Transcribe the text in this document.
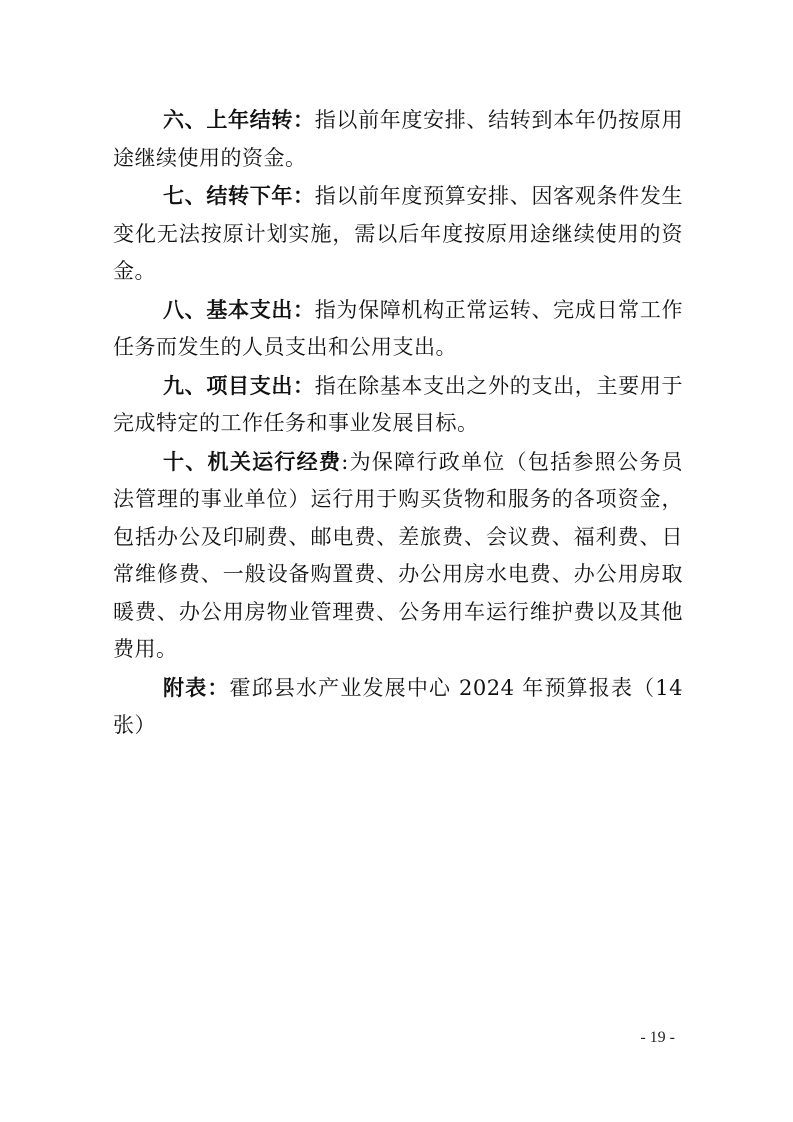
六、上年结转：指以前年度安排、结转到本年仍按原用途继续使用的资金。

七、结转下年：指以前年度预算安排、因客观条件发生变化无法按原计划实施，需以后年度按原用途继续使用的资金。

八、基本支出：指为保障机构正常运转、完成日常工作任务而发生的人员支出和公用支出。

九、项目支出：指在除基本支出之外的支出，主要用于完成特定的工作任务和事业发展目标。

十、机关运行经费:为保障行政单位（包括参照公务员法管理的事业单位）运行用于购买货物和服务的各项资金，包括办公及印刷费、邮电费、差旅费、会议费、福利费、日常维修费、一般设备购置费、办公用房水电费、办公用房取暖费、办公用房物业管理费、公务用车运行维护费以及其他费用。

附表：霍邱县水产业发展中心 2024 年预算报表（14张）

- 19 -
